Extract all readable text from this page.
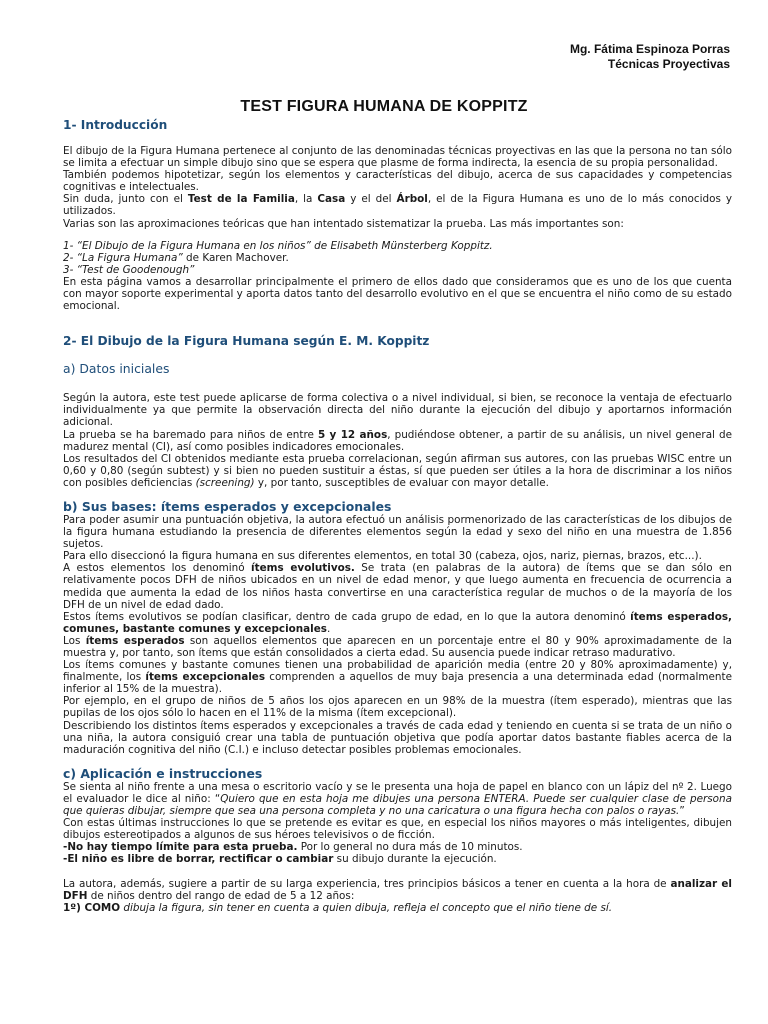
Mg. Fátima Espinoza Porras
Técnicas Proyectivas
TEST FIGURA HUMANA DE KOPPITZ

1- Introducción

El dibujo de la Figura Humana pertenece al conjunto de las denominadas técnicas proyectivas en las que la persona no tan sólo se limita a efectuar un simple dibujo sino que se espera que plasme de forma indirecta, la esencia de su propia personalidad.

También podemos hipotetizar, según los elementos y características del dibujo, acerca de sus capacidades y competencias cognitivas e intelectuales.

Sin duda, junto con el Test de la Familia, la Casa y el del Árbol, el de la Figura Humana es uno de lo más conocidos y utilizados.

Varias son las aproximaciones teóricas que han intentado sistematizar la prueba. Las más importantes son:

1- “El Dibujo de la Figura Humana en los niños” de Elisabeth Münsterberg Koppitz.

2- “La Figura Humana” de Karen Machover.

3- “Test de Goodenough”

En esta página vamos a desarrollar principalmente el primero de ellos dado que consideramos que es uno de los que cuenta con mayor soporte experimental y aporta datos tanto del desarrollo evolutivo en el que se encuentra el niño como de su estado emocional.

2- El Dibujo de la Figura Humana según E. M. Koppitz

a) Datos iniciales

Según la autora, este test puede aplicarse de forma colectiva o a nivel individual, si bien, se reconoce la ventaja de efectuarlo individualmente ya que permite la observación directa del niño durante la ejecución del dibujo y aportarnos información adicional.

La prueba se ha baremado para niños de entre 5 y 12 años, pudiéndose obtener, a partir de su análisis, un nivel general de madurez mental (CI), así como posibles indicadores emocionales.

Los resultados del CI obtenidos mediante esta prueba correlacionan, según afirman sus autores, con las pruebas WISC entre un 0,60 y 0,80 (según subtest) y si bien no pueden sustituir a éstas, sí que pueden ser útiles a la hora de discriminar a los niños con posibles deficiencias (screening) y, por tanto, susceptibles de evaluar con mayor detalle.

b) Sus bases: ítems esperados y excepcionales

Para poder asumir una puntuación objetiva, la autora efectuó un análisis pormenorizado de las características de los dibujos de la figura humana estudiando la presencia de diferentes elementos según la edad y sexo del niño en una muestra de 1.856 sujetos.

Para ello diseccionó la figura humana en sus diferentes elementos, en total 30 (cabeza, ojos, nariz, piernas, brazos, etc...).

A estos elementos los denominó ítems evolutivos. Se trata (en palabras de la autora) de ítems que se dan sólo en relativamente pocos DFH de niños ubicados en un nivel de edad menor, y que luego aumenta en frecuencia de ocurrencia a medida que aumenta la edad de los niños hasta convertirse en una característica regular de muchos o de la mayoría de los DFH de un nivel de edad dado.

Estos ítems evolutivos se podían clasificar, dentro de cada grupo de edad, en lo que la autora denominó ítems esperados, comunes, bastante comunes y excepcionales.

Los ítems esperados son aquellos elementos que aparecen en un porcentaje entre el 80 y 90% aproximadamente de la muestra y, por tanto, son ítems que están consolidados a cierta edad. Su ausencia puede indicar retraso madurativo.

Los ítems comunes y bastante comunes tienen una probabilidad de aparición media (entre 20 y 80% aproximadamente) y, finalmente, los ítems excepcionales comprenden a aquellos de muy baja presencia a una determinada edad (normalmente inferior al 15% de la muestra).

Por ejemplo, en el grupo de niños de 5 años los ojos aparecen en un 98% de la muestra (ítem esperado), mientras que las pupilas de los ojos sólo lo hacen en el 11% de la misma (ítem excepcional).

Describiendo los distintos ítems esperados y excepcionales a través de cada edad y teniendo en cuenta si se trata de un niño o una niña, la autora consiguió crear una tabla de puntuación objetiva que podía aportar datos bastante fiables acerca de la maduración cognitiva del niño (C.I.) e incluso detectar posibles problemas emocionales.

c) Aplicación e instrucciones

Se sienta al niño frente a una mesa o escritorio vacío y se le presenta una hoja de papel en blanco con un lápiz del nº 2. Luego el evaluador le dice al niño: “Quiero que en esta hoja me dibujes una persona ENTERA. Puede ser cualquier clase de persona que quieras dibujar, siempre que sea una persona completa y no una caricatura o una figura hecha con palos o rayas.”

Con estas últimas instrucciones lo que se pretende es evitar es que, en especial los niños mayores o más inteligentes, dibujen dibujos estereotipados a algunos de sus héroes televisivos o de ficción.

-No hay tiempo límite para esta prueba. Por lo general no dura más de 10 minutos.

-El niño es libre de borrar, rectificar o cambiar su dibujo durante la ejecución.

La autora, además, sugiere a partir de su larga experiencia, tres principios básicos a tener en cuenta a la hora de analizar el DFH de niños dentro del rango de edad de 5 a 12 años:

1º) COMO dibuja la figura, sin tener en cuenta a quien dibuja, refleja el concepto que el niño tiene de sí.
